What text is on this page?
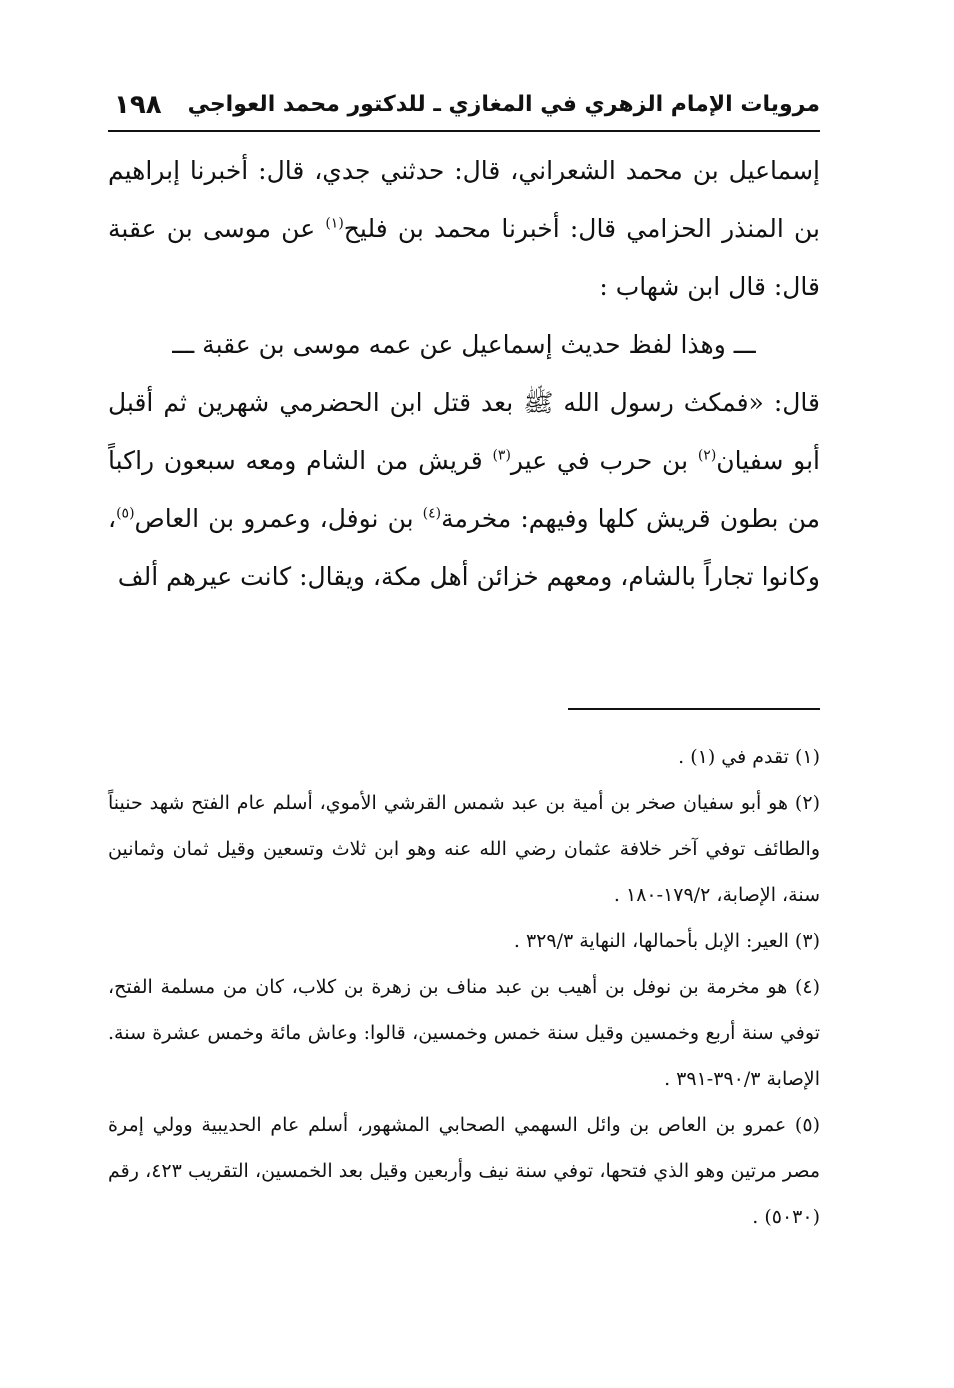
مرويات الإمام الزهري في المغازي ـ للدكتور محمد العواجي
١٩٨

إسماعيل بن محمد الشعراني، قال: حدثني جدي، قال: أخبرنا إبراهيم بن المنذر الحزامي قال: أخبرنا محمد بن فليح$^{(١)}$ عن موسى بن عقبة قال: قال ابن شهاب :

ـــ وهذا لفظ حديث إسماعيل عن عمه موسى بن عقبة ـــ

قال: «فمكث رسول الله ﷺ بعد قتل ابن الحضرمي شهرين ثم أقبل أبو سفيان$^{(٢)}$ بن حرب في عير$^{(٣)}$ قريش من الشام ومعه سبعون راكباً من بطون قريش كلها وفيهم: مخرمة$^{(٤)}$ بن نوفل، وعمرو بن العاص$^{(٥)}$، وكانوا تجاراً بالشام، ومعهم خزائن أهل مكة، ويقال: كانت عيرهم ألف

(١) تقدم في (١) .

(٢) هو أبو سفيان صخر بن أمية بن عبد شمس القرشي الأموي، أسلم عام الفتح شهد حنيناً والطائف توفي آخر خلافة عثمان رضي الله عنه وهو ابن ثلاث وتسعين وقيل ثمان وثمانين سنة، الإصابة، ١٧٩/٢-١٨٠ .

(٣) العير: الإبل بأحمالها، النهاية ٣٢٩/٣ .

(٤) هو مخرمة بن نوفل بن أهيب بن عبد مناف بن زهرة بن كلاب، كان من مسلمة الفتح، توفي سنة أربع وخمسين وقيل سنة خمس وخمسين، قالوا: وعاش مائة وخمس عشرة سنة. الإصابة ٣٩٠/٣-٣٩١ .

(٥) عمرو بن العاص بن وائل السهمي الصحابي المشهور، أسلم عام الحديبية وولي إمرة مصر مرتين وهو الذي فتحها، توفي سنة نيف وأربعين وقيل بعد الخمسين، التقريب ٤٢٣، رقم (٥٠٣٠) .
